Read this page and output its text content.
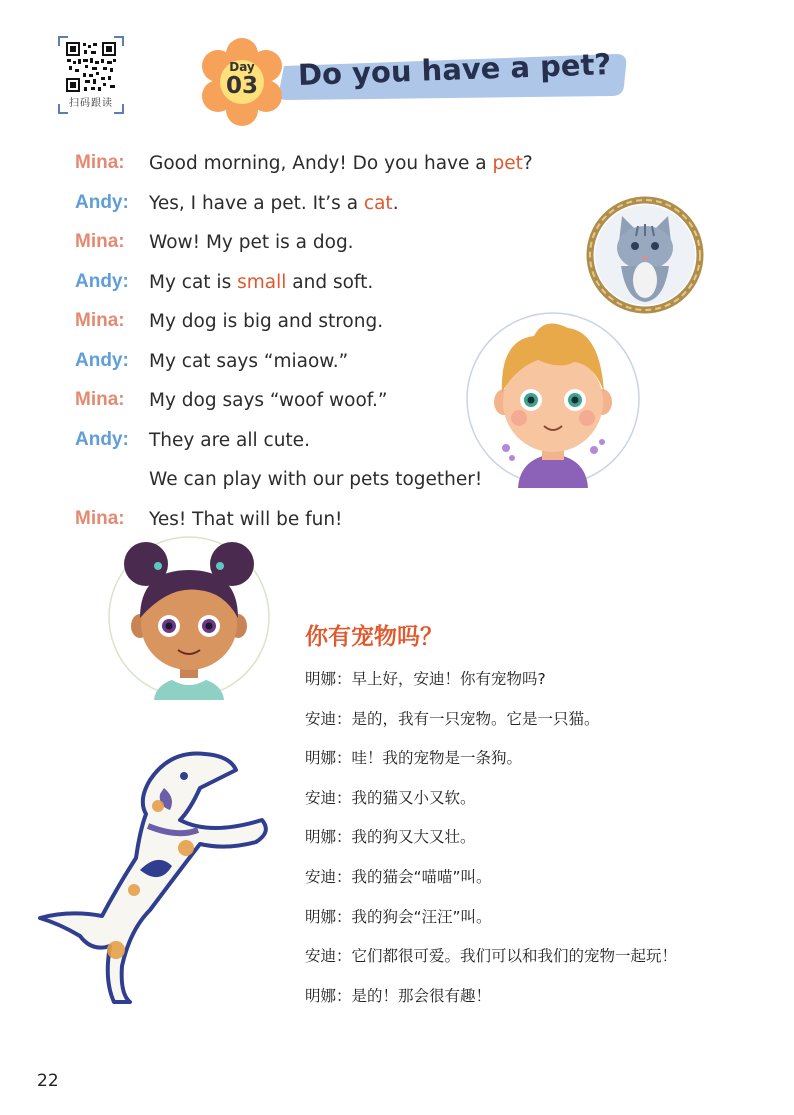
扫码跟读
Do you have a pet?
Day
03
Mina: Good morning, Andy! Do you have a pet?
Andy: Yes, I have a pet. It’s a cat.
Mina: Wow! My pet is a dog.
Andy: My cat is small and soft.
Mina: My dog is big and strong.
Andy: My cat says “miaow.”
Mina: My dog says “woof woof.”
Andy: They are all cute.
We can play with our pets together!
Mina: Yes! That will be fun!
你有宠物吗？
明娜：早上好，安迪！你有宠物吗?
安迪：是的，我有一只宠物。它是一只猫。
明娜：哇！我的宠物是一条狗。
安迪：我的猫又小又软。
明娜：我的狗又大又壮。
安迪：我的猫会“喵喵”叫。
明娜：我的狗会“汪汪”叫。
安迪：它们都很可爱。我们可以和我们的宠物一起玩！
明娜：是的！那会很有趣！
22
